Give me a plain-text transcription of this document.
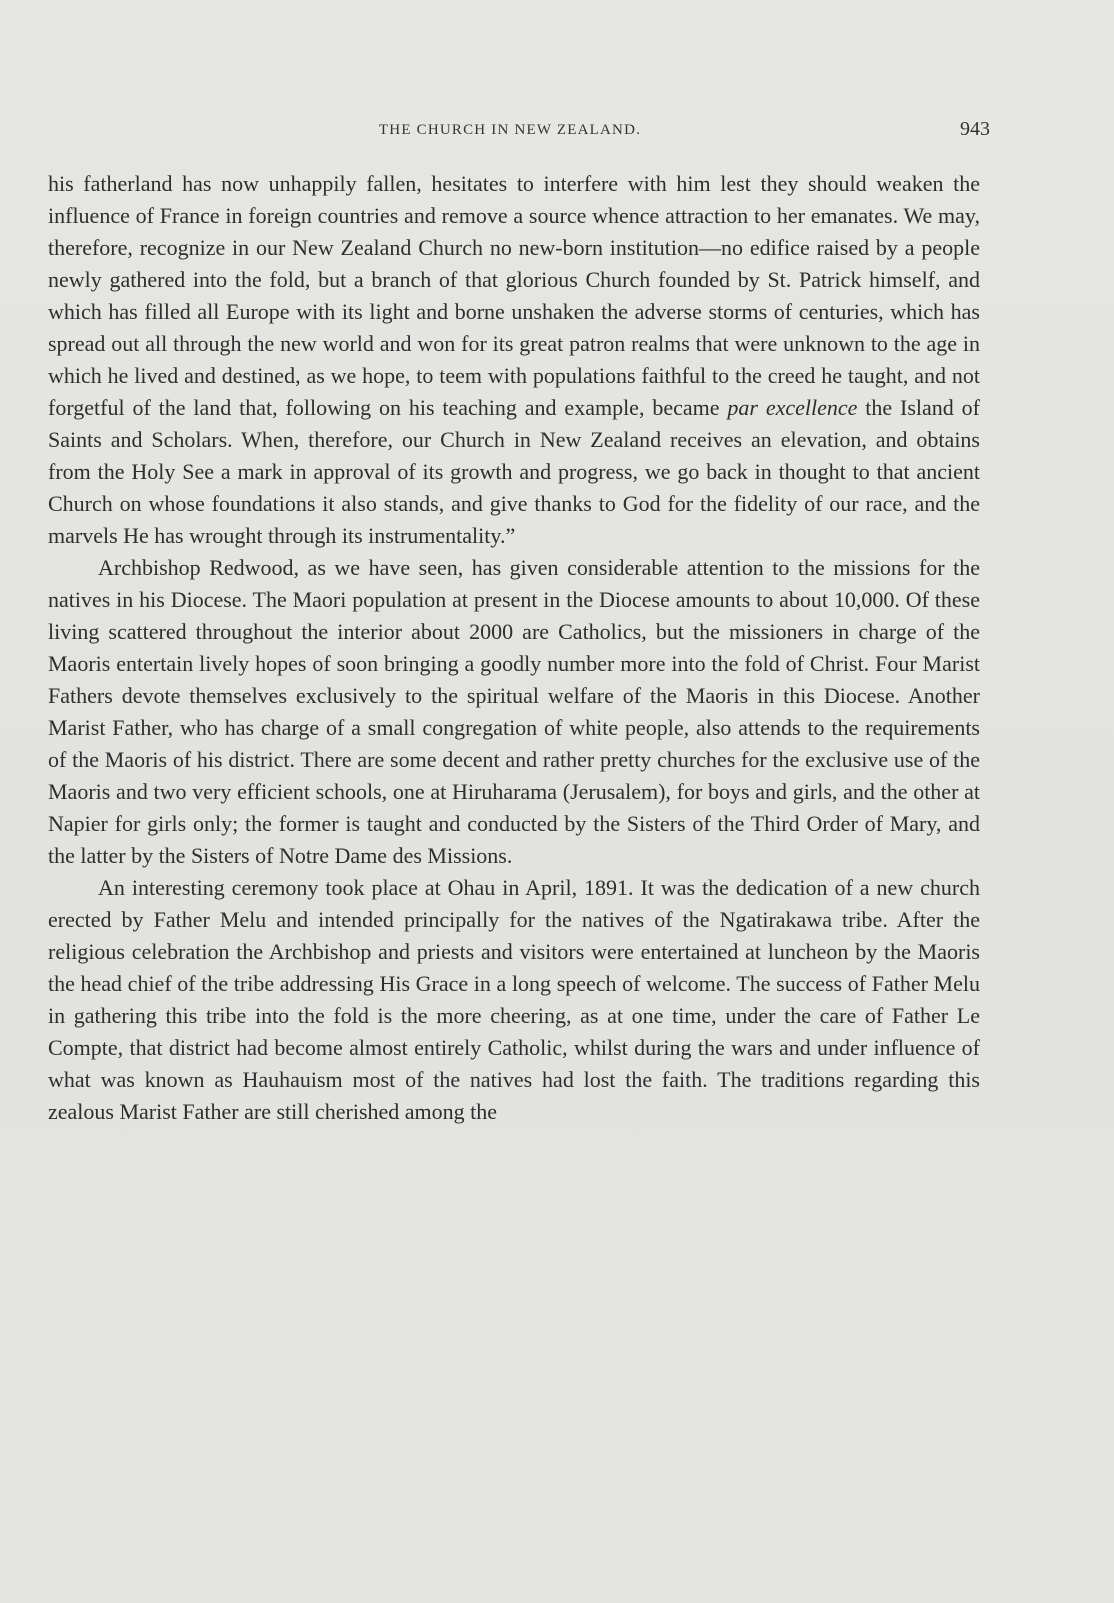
THE CHURCH IN NEW ZEALAND.	943

his fatherland has now unhappily fallen, hesitates to interfere with him lest they should weaken the influence of France in foreign countries and remove a source whence attraction to her emanates. We may, therefore, recognize in our New Zealand Church no new-born institution—no edifice raised by a people newly gathered into the fold, but a branch of that glorious Church founded by St. Patrick himself, and which has filled all Europe with its light and borne unshaken the adverse storms of centuries, which has spread out all through the new world and won for its great patron realms that were unknown to the age in which he lived and destined, as we hope, to teem with populations faithful to the creed he taught, and not forgetful of the land that, following on his teaching and example, became par excellence the Island of Saints and Scholars. When, therefore, our Church in New Zealand receives an elevation, and obtains from the Holy See a mark in approval of its growth and progress, we go back in thought to that ancient Church on whose foundations it also stands, and give thanks to God for the fidelity of our race, and the marvels He has wrought through its instrumentality.”

Archbishop Redwood, as we have seen, has given considerable attention to the missions for the natives in his Diocese. The Maori population at present in the Diocese amounts to about 10,000. Of these living scattered throughout the interior about 2000 are Catholics, but the missioners in charge of the Maoris entertain lively hopes of soon bringing a goodly number more into the fold of Christ. Four Marist Fathers devote themselves exclusively to the spiritual welfare of the Maoris in this Diocese. Another Marist Father, who has charge of a small congregation of white people, also attends to the requirements of the Maoris of his district. There are some decent and rather pretty churches for the exclusive use of the Maoris and two very efficient schools, one at Hiruharama (Jerusalem), for boys and girls, and the other at Napier for girls only; the former is taught and conducted by the Sisters of the Third Order of Mary, and the latter by the Sisters of Notre Dame des Missions.

An interesting ceremony took place at Ohau in April, 1891. It was the dedication of a new church erected by Father Melu and intended principally for the natives of the Ngatirakawa tribe. After the religious celebration the Archbishop and priests and visitors were entertained at luncheon by the Maoris the head chief of the tribe addressing His Grace in a long speech of welcome. The success of Father Melu in gathering this tribe into the fold is the more cheering, as at one time, under the care of Father Le Compte, that district had become almost entirely Catholic, whilst during the wars and under influence of what was known as Hauhauism most of the natives had lost the faith. The traditions regarding this zealous Marist Father are still cherished among the
